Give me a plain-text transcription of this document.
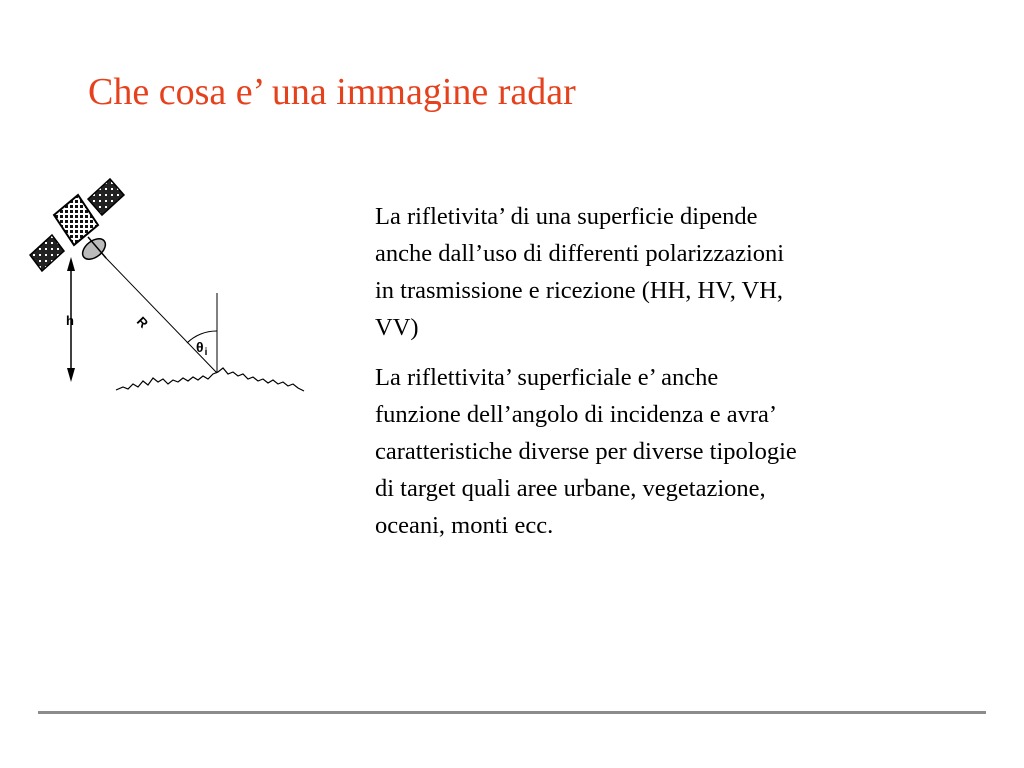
Che cosa e’ una immagine radar
h	R
$\theta_i$

La rifletivita’ di una superficie dipende
anche dall’uso di differenti polarizzazioni
in trasmissione e ricezione (HH, HV, VH,
VV)

La riflettivita’ superficiale e’ anche
funzione dell’angolo di incidenza e avra’
caratteristiche diverse per diverse tipologie
di target quali aree urbane, vegetazione,
oceani, monti ecc.
